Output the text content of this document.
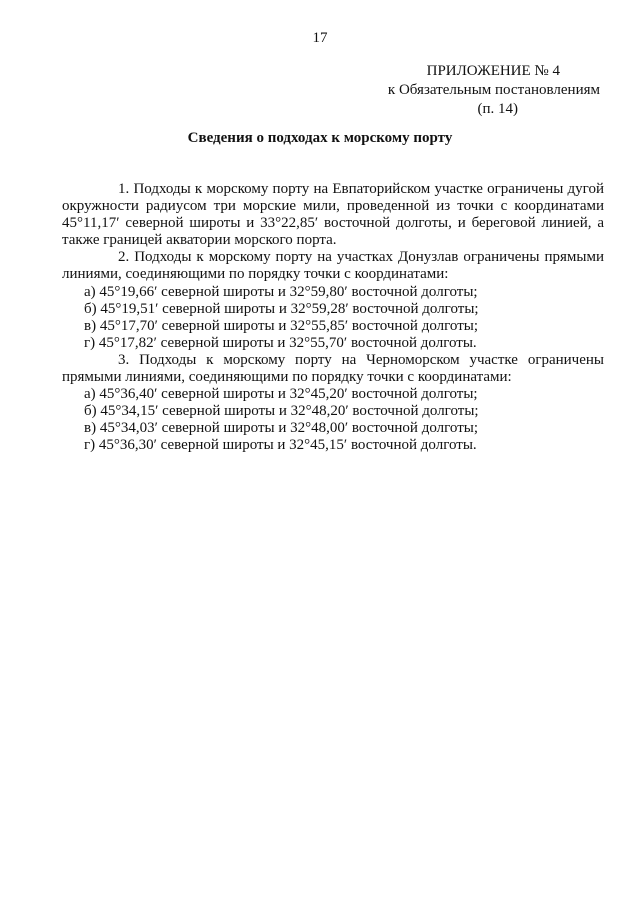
17
ПРИЛОЖЕНИЕ № 4
к Обязательным постановлениям
(п. 14)
Сведения о подходах к морскому порту

1. Подходы к морскому порту на Евпаторийском участке ограничены дугой окружности радиусом три морские мили, проведенной из точки с координатами 45°11,17′ северной широты и 33°22,85′ восточной долготы, и береговой линией, а также границей акватории морского порта.

2. Подходы к морскому порту на участках Донузлав ограничены прямыми линиями, соединяющими по порядку точки с координатами:

а) 45°19,66′ северной широты и 32°59,80′ восточной долготы;

б) 45°19,51′ северной широты и 32°59,28′ восточной долготы;

в) 45°17,70′ северной широты и 32°55,85′ восточной долготы;

г) 45°17,82′ северной широты и 32°55,70′ восточной долготы.

3. Подходы к морскому порту на Черноморском участке ограничены прямыми линиями, соединяющими по порядку точки с координатами:

а) 45°36,40′ северной широты и 32°45,20′ восточной долготы;

б) 45°34,15′ северной широты и 32°48,20′ восточной долготы;

в) 45°34,03′ северной широты и 32°48,00′ восточной долготы;

г) 45°36,30′ северной широты и 32°45,15′ восточной долготы.
